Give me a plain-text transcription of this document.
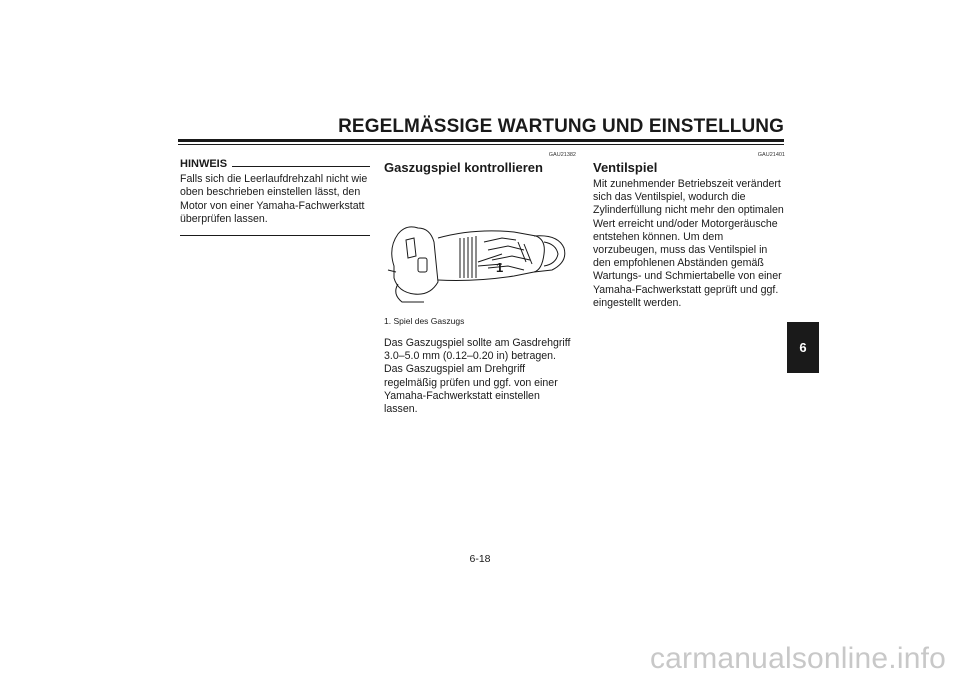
REGELMÄSSIGE WARTUNG UND EINSTELLUNG
HINWEIS
Falls sich die Leerlaufdrehzahl nicht wie oben beschrieben einstellen lässt, den Motor von einer Yamaha-Fachwerkstatt überprüfen lassen.
GAU21382
Gaszugspiel kontrollieren
1
1. Spiel des Gaszugs
Das Gaszugspiel sollte am Gasdrehgriff 3.0–5.0 mm (0.12–0.20 in) betragen. Das Gaszugspiel am Drehgriff regelmäßig prüfen und ggf. von einer Yamaha-Fachwerkstatt einstellen lassen.
GAU21401
Ventilspiel
Mit zunehmender Betriebszeit verändert sich das Ventilspiel, wodurch die Zylinderfüllung nicht mehr den optimalen Wert erreicht und/oder Motorgeräusche entstehen können. Um dem vorzubeugen, muss das Ventilspiel in den empfohlenen Abständen gemäß Wartungs- und Schmiertabelle von einer Yamaha-Fachwerkstatt geprüft und ggf. eingestellt werden.
6
6-18
carmanualsonline.info
